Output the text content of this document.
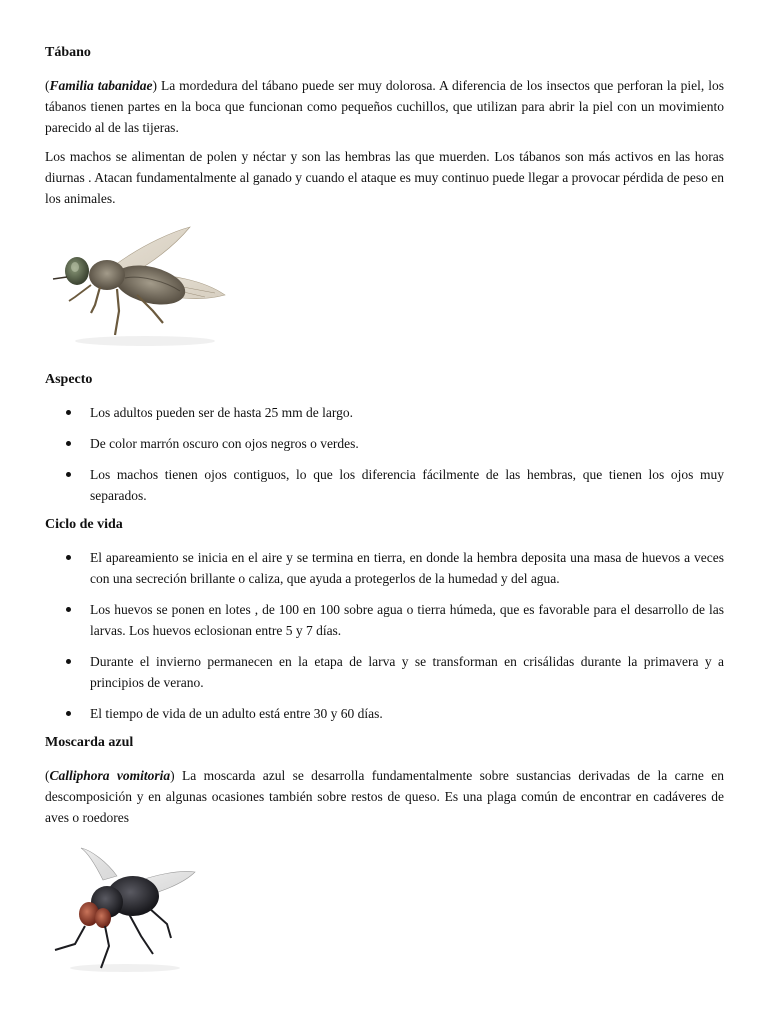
Tábano

(Familia tabanidae) La mordedura del tábano puede ser muy dolorosa. A diferencia de los insectos que perforan la piel, los tábanos tienen partes en la boca que funcionan como pequeños cuchillos, que utilizan para abrir la piel con un movimiento parecido al de las tijeras.

Los machos se alimentan de polen y néctar y son las hembras las que muerden. Los tábanos son más activos en las horas diurnas . Atacan fundamentalmente al ganado y cuando el ataque es muy continuo puede llegar a provocar pérdida de peso en los animales.

Aspecto
Los adultos pueden ser de hasta 25 mm de largo.
De color marrón oscuro con ojos negros o verdes.
Los machos tienen ojos contiguos, lo que los diferencia fácilmente de las hembras, que tienen los ojos muy separados.
Ciclo de vida
El apareamiento se inicia en el aire y se termina en tierra, en donde la hembra deposita una masa de huevos a veces con una secreción brillante o caliza, que ayuda a protegerlos de la humedad y del agua.
Los huevos se ponen en lotes , de 100 en 100 sobre agua o tierra húmeda, que es favorable para el desarrollo de las larvas. Los huevos eclosionan entre 5 y 7 días.
Durante el invierno permanecen en la etapa de larva y se transforman en crisálidas durante la primavera y a principios de verano.
El tiempo de vida de un adulto está entre 30 y 60 días.
Moscarda azul

(Calliphora vomitoria) La moscarda azul se desarrolla fundamentalmente sobre sustancias derivadas de la carne en descomposición y en algunas ocasiones también sobre restos de queso. Es una plaga común de encontrar en cadáveres de aves o roedores
